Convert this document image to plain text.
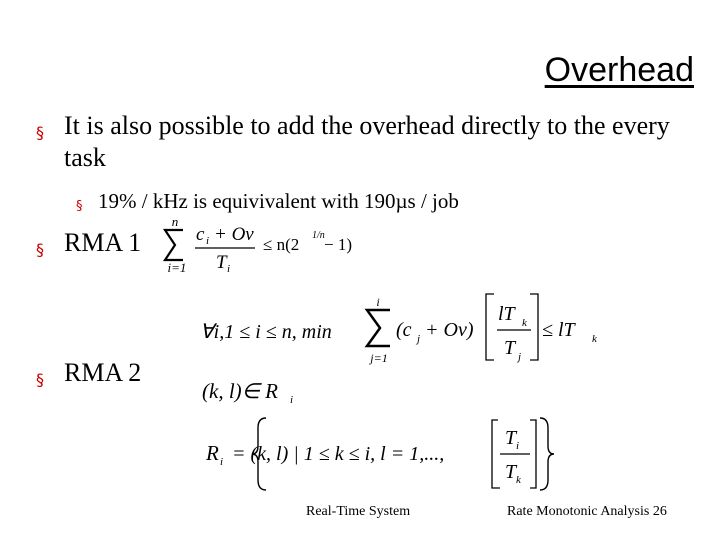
Overhead
§ It is also possible to add the overhead directly to the every task
§ 19% / kHz is equivivalent with 190µs / job
§ RMA 1
§ RMA 2
n
i=1
c i + Ov
T i
≤ n(2 1/n − 1)
∀i,1 ≤ i ≤ n, min
i
j=1
(c j + Ov)
lT k
T j
≤ lT k
(k, l)∈ R i
R i = (k, l) | 1 ≤ k ≤ i, l = 1,...,
T i
T k
Real-Time System	Rate Monotonic Analysis 26
